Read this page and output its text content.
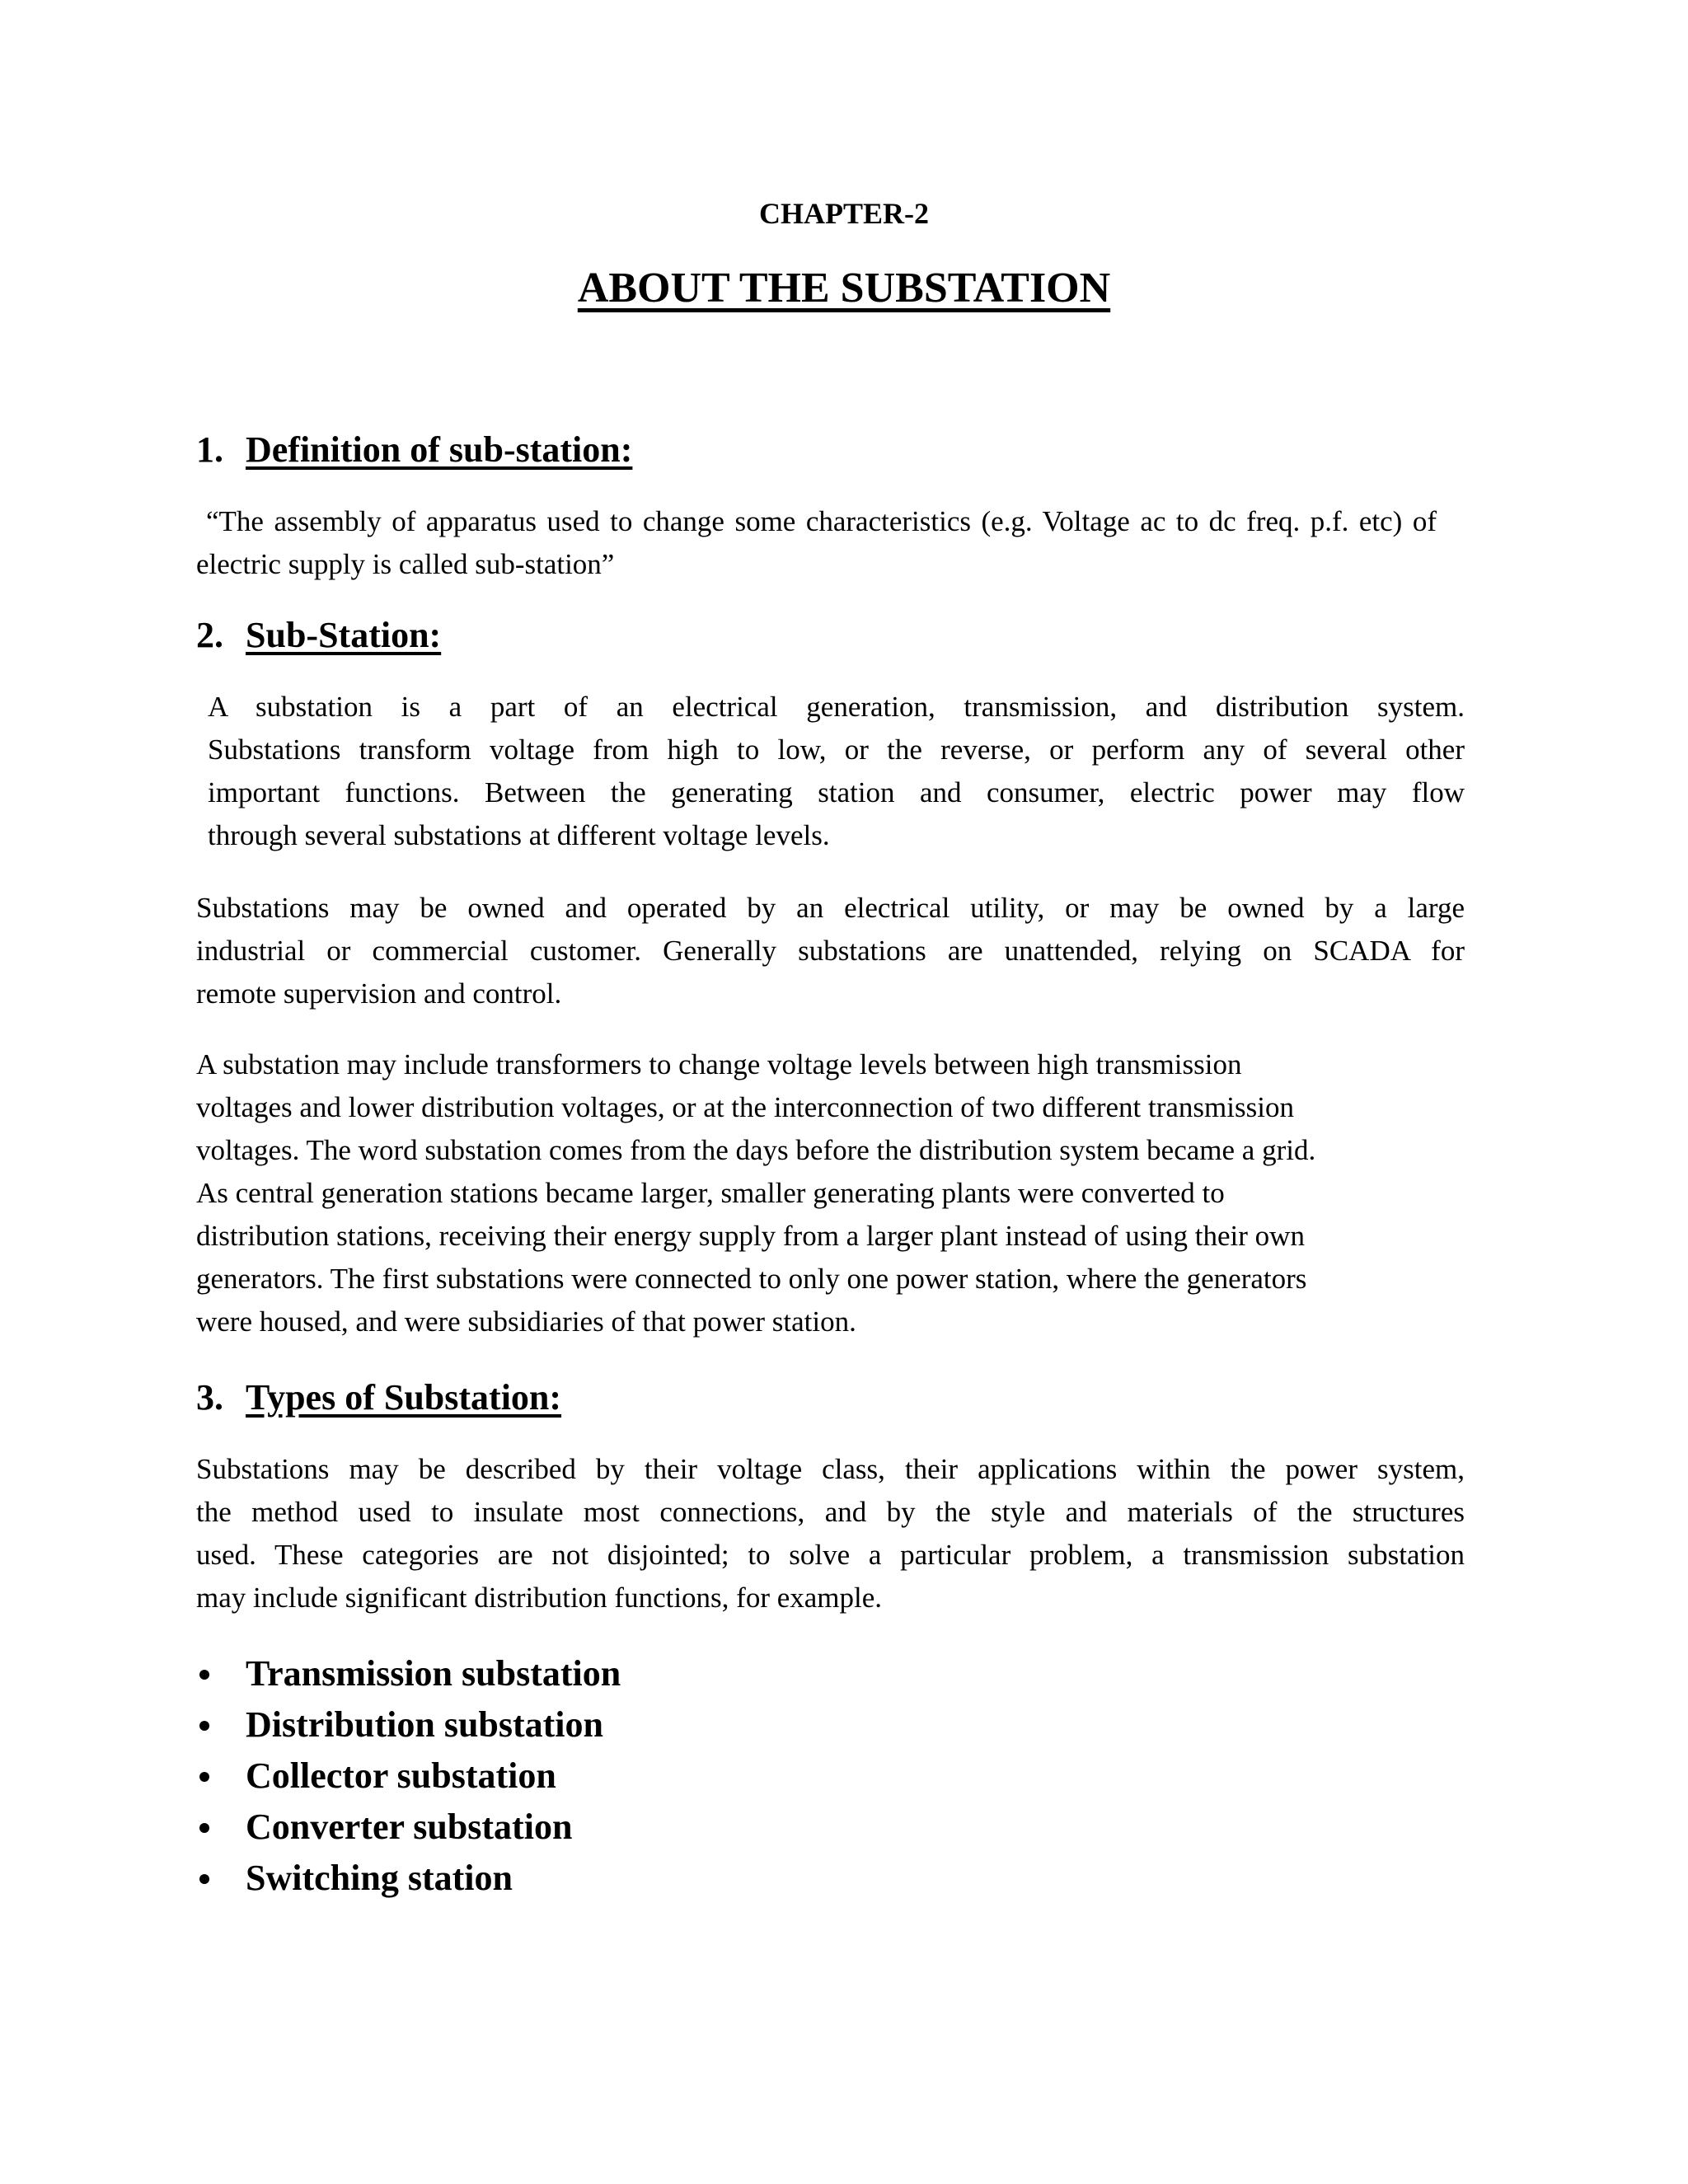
CHAPTER-2
ABOUT THE SUBSTATION
1. Definition of sub-station:
“The assembly of apparatus used to change some characteristics (e.g. Voltage ac to dc freq. p.f. etc) of
electric supply is called sub-station”
2. Sub-Station:
A substation is a part of an electrical generation, transmission, and distribution system.
Substations transform voltage from high to low, or the reverse, or perform any of several other
important functions. Between the generating station and consumer, electric power may flow
through several substations at different voltage levels.
Substations may be owned and operated by an electrical utility, or may be owned by a large
industrial or commercial customer. Generally substations are unattended, relying on SCADA for
remote supervision and control.
A substation may include transformers to change voltage levels between high transmission
voltages and lower distribution voltages, or at the interconnection of two different transmission
voltages. The word substation comes from the days before the distribution system became a grid.
As central generation stations became larger, smaller generating plants were converted to
distribution stations, receiving their energy supply from a larger plant instead of using their own
generators. The first substations were connected to only one power station, where the generators
were housed, and were subsidiaries of that power station.
3. Types of Substation:
Substations may be described by their voltage class, their applications within the power system,
the method used to insulate most connections, and by the style and materials of the structures
used. These categories are not disjointed; to solve a particular problem, a transmission substation
may include significant distribution functions, for example.
Transmission substation
Distribution substation
Collector substation
Converter substation
Switching station
